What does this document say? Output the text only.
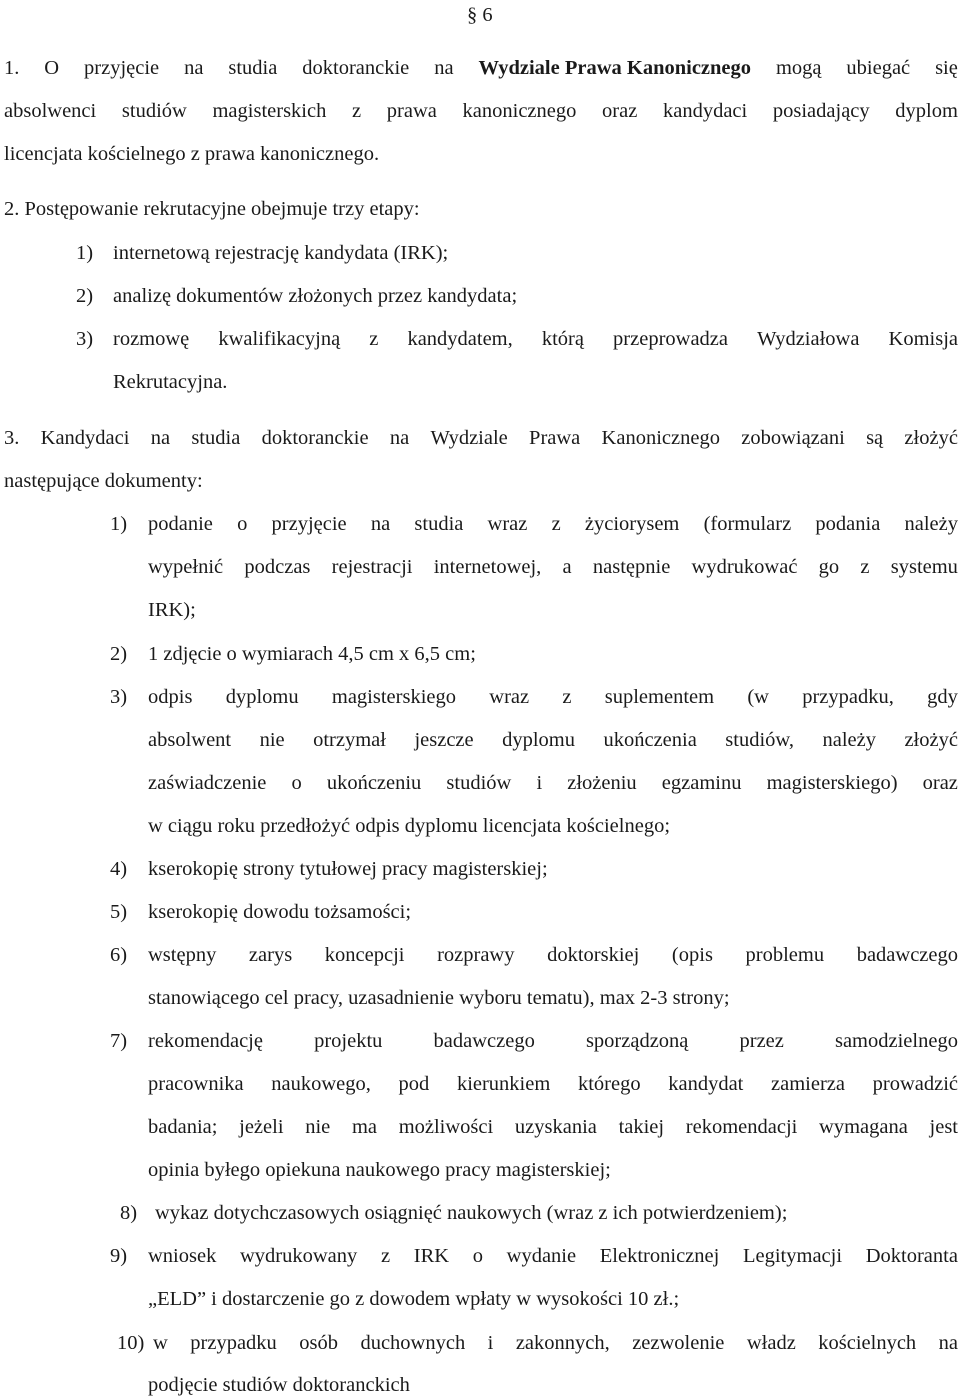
§ 6
1. O przyjęcie na studia doktoranckie na Wydziale Prawa Kanonicznego mogą ubiegać się
absolwenci studiów magisterskich z prawa kanonicznego oraz kandydaci posiadający dyplom
licencjata kościelnego z prawa kanonicznego.
2. Postępowanie rekrutacyjne obejmuje trzy etapy:
1) internetową rejestrację kandydata (IRK);
2) analizę dokumentów złożonych przez kandydata;
3) rozmowę kwalifikacyjną z kandydatem, którą przeprowadza Wydziałowa Komisja
Rekrutacyjna.
3. Kandydaci na studia doktoranckie na Wydziale Prawa Kanonicznego zobowiązani są złożyć
następujące dokumenty:
1) podanie o przyjęcie na studia wraz z życiorysem (formularz podania należy
wypełnić podczas rejestracji internetowej, a następnie wydrukować go z systemu
IRK);
2) 1 zdjęcie o wymiarach 4,5 cm x 6,5 cm;
3) odpis dyplomu magisterskiego wraz z suplementem (w przypadku, gdy
absolwent nie otrzymał jeszcze dyplomu ukończenia studiów, należy złożyć
zaświadczenie o ukończeniu studiów i złożeniu egzaminu magisterskiego) oraz
w ciągu roku przedłożyć odpis dyplomu licencjata kościelnego;
4) kserokopię strony tytułowej pracy magisterskiej;
5) kserokopię dowodu tożsamości;
6) wstępny zarys koncepcji rozprawy doktorskiej (opis problemu badawczego
stanowiącego cel pracy, uzasadnienie wyboru tematu), max 2-3 strony;
7) rekomendację projektu badawczego sporządzoną przez samodzielnego
pracownika naukowego, pod kierunkiem którego kandydat zamierza prowadzić
badania; jeżeli nie ma możliwości uzyskania takiej rekomendacji wymagana jest
opinia byłego opiekuna naukowego pracy magisterskiej;
8) wykaz dotychczasowych osiągnięć naukowych (wraz z ich potwierdzeniem);
9) wniosek wydrukowany z IRK o wydanie Elektronicznej Legitymacji Doktoranta
„ELD” i dostarczenie go z dowodem wpłaty w wysokości 10 zł.;
10) w przypadku osób duchownych i zakonnych, zezwolenie władz kościelnych na
podjęcie studiów doktoranckich
